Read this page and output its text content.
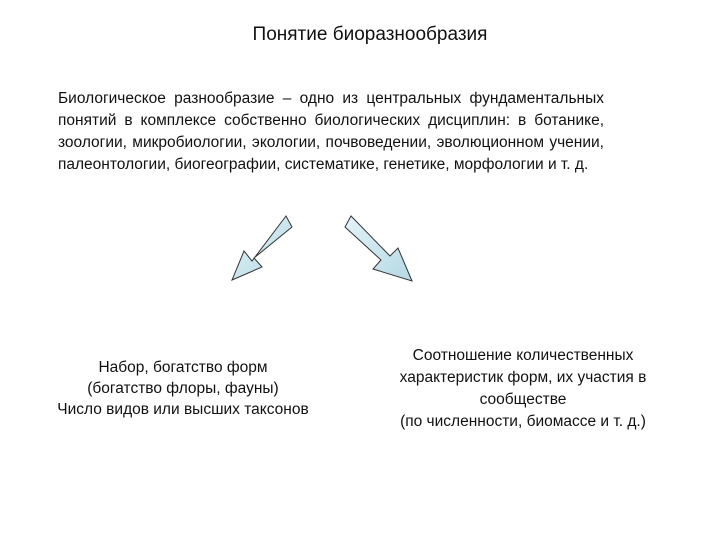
Понятие биоразнообразия
Биологическое разнообразие – одно из центральных фундаментальных понятий в комплексе собственно биологических дисциплин: в ботанике, зоологии, микробиологии, экологии, почвоведении, эволюционном учении, палеонтологии, биогеографии, систематике, генетике, морфологии и т. д.
Набор, богатство форм
(богатство флоры, фауны)
Число видов или высших таксонов
Соотношение количественных
характеристик форм, их участия в
сообществе
(по численности, биомассе и т. д.)
